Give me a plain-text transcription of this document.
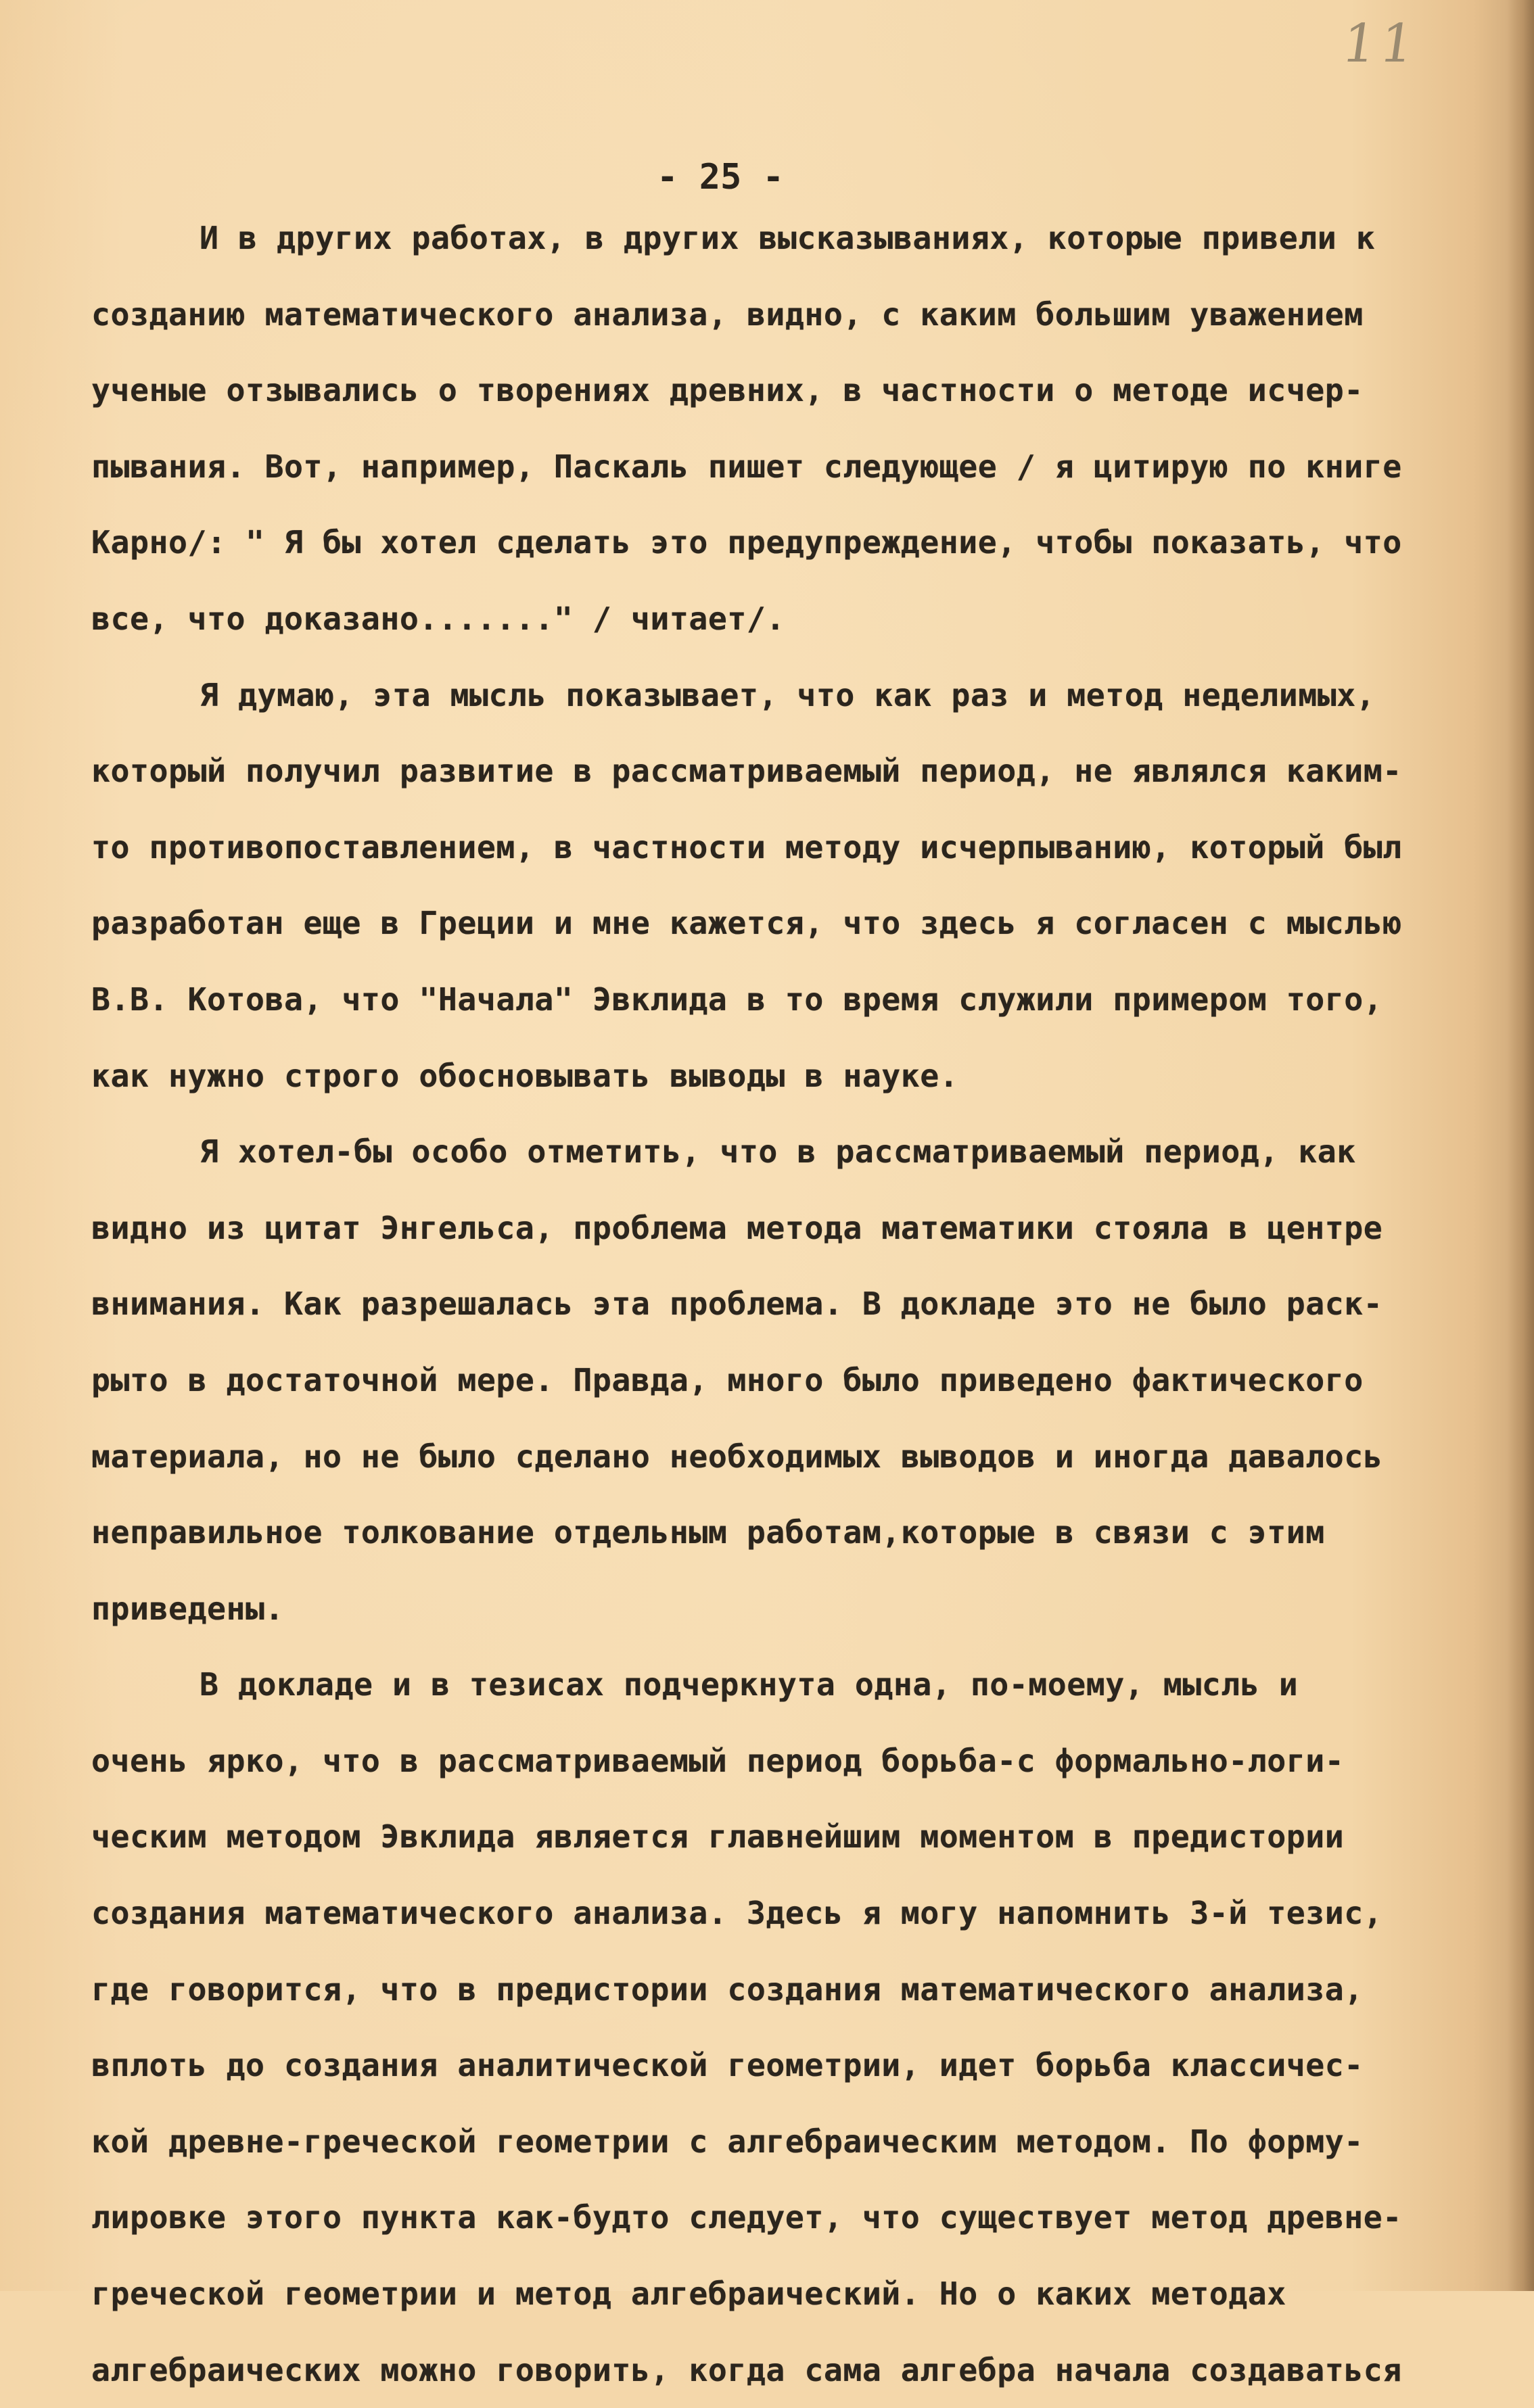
11
- 25 -
И в других работах, в других высказываниях, которые привели к
созданию математического анализа, видно, с каким большим уважением
ученые отзывались о творениях древних, в частности о методе исчер-
пывания. Вот, например, Паскаль пишет следующее / я цитирую по книге
Карно/: " Я бы хотел сделать это предупреждение, чтобы показать, что
все, что доказано......." / читает/.
Я думаю, эта мысль показывает, что как раз и метод неделимых,
который получил развитие в рассматриваемый период, не являлся каким-
то противопоставлением, в частности методу исчерпыванию, который был
разработан еще в Греции и мне кажется, что здесь я согласен с мыслью
В.В. Котова, что "Начала" Эвклида в то время служили примером того,
как нужно строго обосновывать выводы в науке.
Я хотел-бы особо отметить, что в рассматриваемый период, как
видно из цитат Энгельса, проблема метода математики стояла в центре
внимания. Как разрешалась эта проблема. В докладе это не было раск-
рыто в достаточной мере. Правда, много было приведено фактического
материала, но не было сделано необходимых выводов и иногда давалось
неправильное толкование отдельным работам,которые в связи с этим
приведены.
В докладе и в тезисах подчеркнута одна, по-моему, мысль и
очень ярко, что в рассматриваемый период борьба-с формально-логи-
ческим методом Эвклида является главнейшим моментом в предистории
создания математического анализа. Здесь я могу напомнить 3-й тезис,
где говорится, что в предистории создания математического анализа,
вплоть до создания аналитической геометрии, идет борьба классичес-
кой древне-греческой геометрии с алгебраическим методом. По форму-
лировке этого пункта как-будто следует, что существует метод древне-
греческой геометрии и метод алгебраический. Но о каких методах
алгебраических можно говорить, когда сама алгебра начала создаваться
